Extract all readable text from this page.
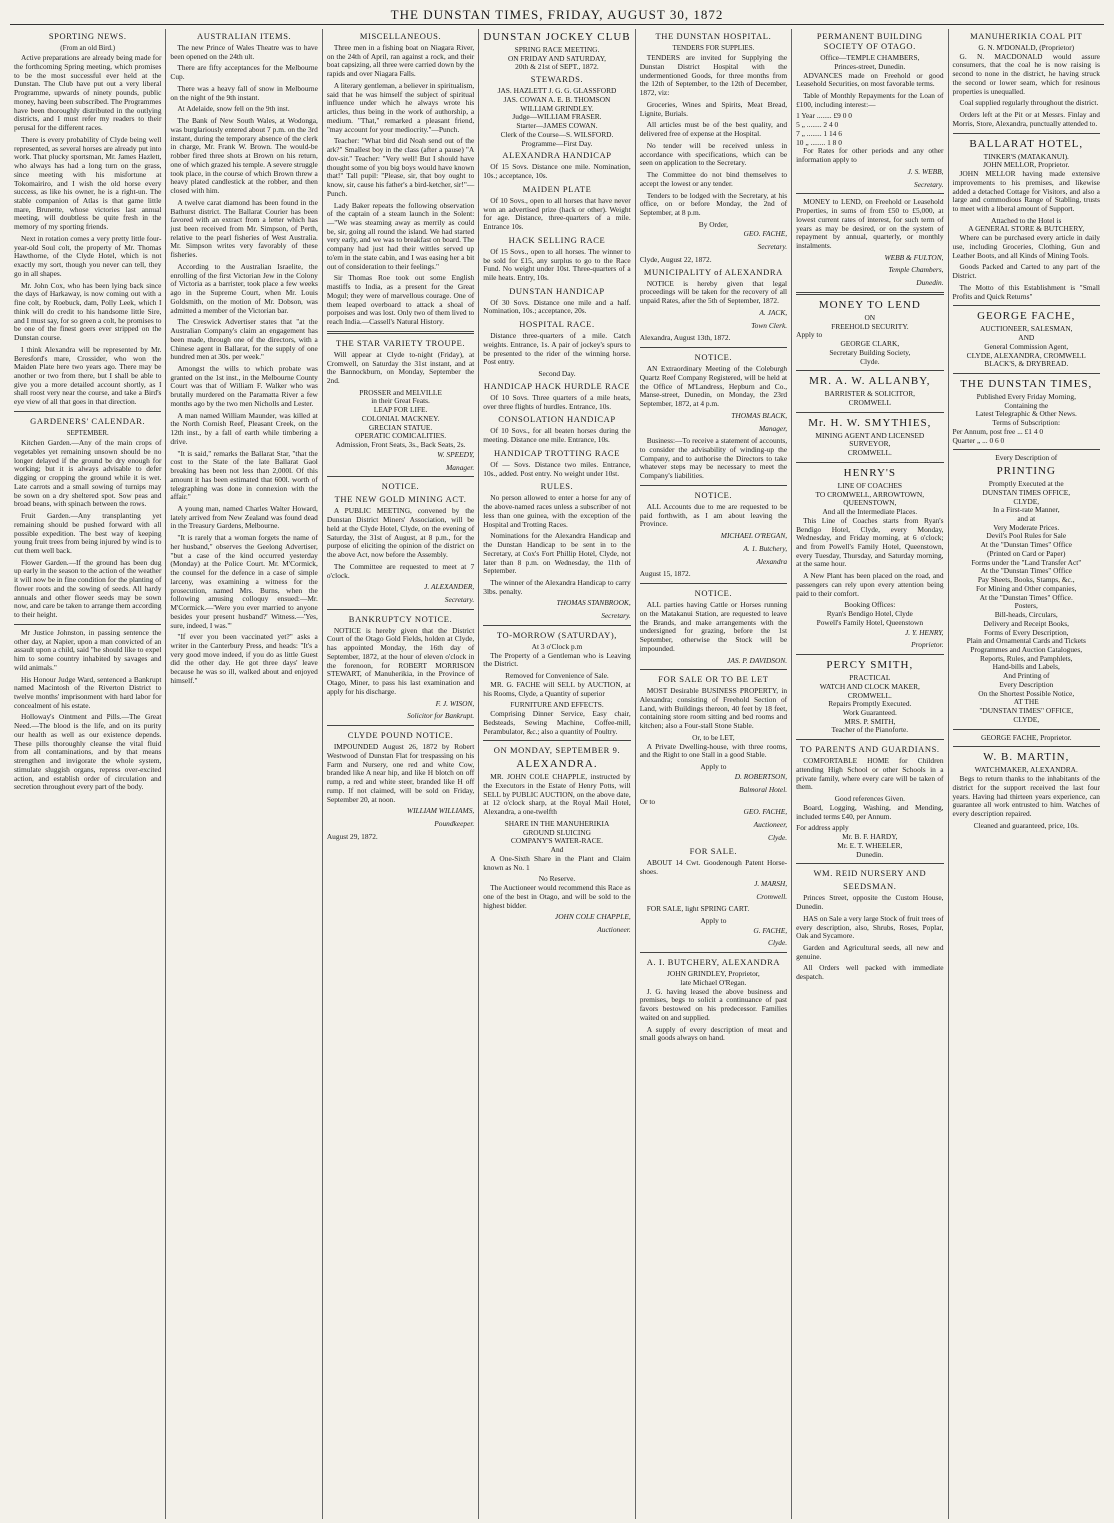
THE DUNSTAN TIMES, FRIDAY, AUGUST 30, 1872
SPORTING NEWS.
(From an old Bird.)

Active preparations are already being made for the forthcoming Spring meeting, which promises to be the most successful ever held at the Dunstan. The Club have put out a very liberal Programme, upwards of ninety pounds, public money, having been subscribed. The Programmes have been thoroughly distributed in the outlying districts, and I must refer my readers to their perusal for the different races.

There is every probability of Clyde being well represented, as several horses are already put into work. That plucky sportsman, Mr. James Hazlett, who always has had a long turn on the grass, since meeting with his misfortune at Tokomairiro, and I wish the old horse every success, as like his owner, he is a right-un. The stable companion of Atlas is that game little mare, Brunette, whose victories last annual meeting, will doubtless be quite fresh in the memory of my sporting friends.

Next in rotation comes a very pretty little four-year-old Soul colt, the property of Mr. Thomas Hawthorne, of the Clyde Hotel, which is not exactly my sort, though you never can tell, they go in all shapes.

Mr. John Cox, who has been lying back since the days of Harkaway, is now coming out with a fine colt, by Roebuck, dam, Polly Leek, which I think will do credit to his handsome little Sire, and I must say, for so green a colt, he promises to be one of the finest goers ever stripped on the Dunstan course.

I think Alexandra will be represented by Mr. Beresford's mare, Crossider, who won the Maiden Plate here two years ago. There may be another or two from there, but I shall be able to give you a more detailed account shortly, as I shall roost very near the course, and take a Bird's eye view of all that goes in that direction.

GARDENERS' CALENDAR.
SEPTEMBER.

Kitchen Garden.—Any of the main crops of vegetables yet remaining unsown should be no longer delayed if the ground be dry enough for working; but it is always advisable to defer digging or cropping the ground while it is wet. Late carrots and a small sowing of turnips may be sown on a dry sheltered spot. Sow peas and broad beans, with spinach between the rows.

Fruit Garden.—Any transplanting yet remaining should be pushed forward with all possible expedition. The best way of keeping young fruit trees from being injured by wind is to cut them well back.

Flower Garden.—If the ground has been dug up early in the season to the action of the weather it will now be in fine condition for the planting of flower roots and the sowing of seeds. All hardy annuals and other flower seeds may be sown now, and care be taken to arrange them according to their height.

Mr Justice Johnston, in passing sentence the other day, at Napier, upon a man convicted of an assault upon a child, said "he should like to expel him to some country inhabited by savages and wild animals."

His Honour Judge Ward, sentenced a Bankrupt named Macintosh of the Riverton District to twelve months' imprisonment with hard labor for concealment of his estate.

Holloway's Ointment and Pills.—The Great Need.—The blood is the life, and on its purity our health as well as our existence depends. These pills thoroughly cleanse the vital fluid from all contaminations, and by that means strengthen and invigorate the whole system, stimulate sluggish organs, repress over-excited action, and establish order of circulation and secretion throughout every part of the body.

AUSTRALIAN ITEMS.

The new Prince of Wales Theatre was to have been opened on the 24th ult.

There are fifty acceptances for the Melbourne Cup.

There was a heavy fall of snow in Melbourne on the night of the 9th instant.

At Adelaide, snow fell on the 9th inst.

The Bank of New South Wales, at Wodonga, was burglariously entered about 7 p.m. on the 3rd instant, during the temporary absence of the clerk in charge, Mr. Frank W. Brown. The would-be robber fired three shots at Brown on his return, one of which grazed his temple. A severe struggle took place, in the course of which Brown threw a heavy plated candlestick at the robber, and then closed with him.

A twelve carat diamond has been found in the Bathurst district. The Ballarat Courier has been favored with an extract from a letter which has just been received from Mr. Simpson, of Perth, relative to the pearl fisheries of West Australia. Mr. Simpson writes very favorably of these fisheries.

According to the Australian Israelite, the enrolling of the first Victorian Jew in the Colony of Victoria as a barrister, took place a few weeks ago in the Supreme Court, when Mr. Louis Goldsmith, on the motion of Mr. Dobson, was admitted a member of the Victorian bar.

The Creswick Advertiser states that "at the Australian Company's claim an engagement has been made, through one of the directors, with a Chinese agent in Ballarat, for the supply of one hundred men at 30s. per week."

Amongst the wills to which probate was granted on the 1st inst., in the Melbourne County Court was that of William F. Walker who was brutally murdered on the Paramatta River a few months ago by the two men Nicholls and Lester.

A man named William Maunder, was killed at the North Cornish Reef, Pleasant Creek, on the 12th inst., by a fall of earth while timbering a drive.

"It is said," remarks the Ballarat Star, "that the cost to the State of the late Ballarat Gaol breaking has been not less than 2,000l. Of this amount it has been estimated that 600l. worth of telegraphing was done in connexion with the affair."

A young man, named Charles Walter Howard, lately arrived from New Zealand was found dead in the Treasury Gardens, Melbourne.

"It is rarely that a woman forgets the name of her husband," observes the Geelong Advertiser, "but a case of the kind occurred yesterday (Monday) at the Police Court. Mr. M'Cormick, the counsel for the defence in a case of simple larceny, was examining a witness for the prosecution, named Mrs. Burns, when the following amusing colloquy ensued:—Mr. M'Cormick.—'Were you ever married to anyone besides your present husband?' Witness.—'Yes, sure, indeed, I was.'"

"If ever you been vaccinated yet?" asks a writer in the Canterbury Press, and heads: "It's a very good move indeed, if you do as little Guest did the other day. He got three days' leave because he was so ill, walked about and enjoyed himself."

MISCELLANEOUS.

Three men in a fishing boat on Niagara River, on the 24th of April, ran against a rock, and their boat capsizing, all three were carried down by the rapids and over Niagara Falls.

A literary gentleman, a believer in spiritualism, said that he was himself the subject of spiritual influence under which he always wrote his articles, thus being in the work of authorship, a medium. "That," remarked a pleasant friend, "may account for your mediocrity."—Punch.

Teacher: "What bird did Noah send out of the ark?" Smallest boy in the class (after a pause) "A dov-sir." Teacher: "Very well! But I should have thought some of you big boys would have known that!" Tall pupil: "Please, sir, that boy ought to know, sir, cause his father's a bird-ketcher, sir!"—Punch.

Lady Baker repeats the following observation of the captain of a steam launch in the Solent:—"We was steaming away as merrily as could be, sir, going all round the island. We had started very early, and we was to breakfast on board. The company had just had their wittles served up to'em in the state cabin, and I was easing her a bit out of consideration to their feelings."

Sir Thomas Roe took out some English mastiffs to India, as a present for the Great Mogul; they were of marvellous courage. One of them leaped overboard to attack a shoal of porpoises and was lost. Only two of them lived to reach India.—Cassell's Natural History.

THE STAR VARIETY TROUPE.

Will appear at Clyde to-night (Friday), at Cromwell, on Saturday the 31st instant, and at the Bannockburn, on Monday, September the 2nd.

PROSSER and MELVILLE
in their Great Feats.
LEAP FOR LIFE.
COLONIAL MACKNEY.
GRECIAN STATUE.
OPERATIC COMICALITIES.
Admission, Front Seats, 3s., Back Seats, 2s.
W. SPEEDY,
Manager.
NOTICE.
THE NEW GOLD MINING ACT.

A PUBLIC MEETING, convened by the Dunstan District Miners' Association, will be held at the Clyde Hotel, Clyde, on the evening of Saturday, the 31st of August, at 8 p.m., for the purpose of eliciting the opinion of the district on the above Act, now before the Assembly.

The Committee are requested to meet at 7 o'clock.

J. ALEXANDER,
Secretary.
BANKRUPTCY NOTICE.

NOTICE is hereby given that the District Court of the Otago Gold Fields, holden at Clyde, has appointed Monday, the 16th day of September, 1872, at the hour of eleven o'clock in the forenoon, for ROBERT MORRISON STEWART, of Manuherikia, in the Province of Otago, Miner, to pass his last examination and apply for his discharge.

F. J. WISON,
Solicitor for Bankrupt.
CLYDE POUND NOTICE.

IMPOUNDED August 26, 1872 by Robert Westwood of Dunstan Flat for trespassing on his Farm and Nursery, one red and white Cow, branded like A near hip, and like H blotch on off rump, a red and white steer, branded like H off rump. If not claimed, will be sold on Friday, September 20, at noon.

WILLIAM WILLIAMS,
Poundkeeper.
August 29, 1872.
DUNSTAN JOCKEY CLUB
SPRING RACE MEETING.
ON FRIDAY AND SATURDAY,
20th & 21st of SEPT., 1872.
STEWARDS.
JAS. HAZLETT J. G. G. GLASSFORD
JAS. COWAN A. E. B. THOMSON
WILLIAM GRINDLEY.
Judge—WILLIAM FRASER.
Starter—JAMES COWAN.
Clerk of the Course—S. WILSFORD.
Programme—First Day.
ALEXANDRA HANDICAP

Of 15 Sovs. Distance one mile. Nomination, 10s.; acceptance, 10s.

MAIDEN PLATE

Of 10 Sovs., open to all horses that have never won an advertised prize (hack or other). Weight for age. Distance, three-quarters of a mile. Entrance 10s.

HACK SELLING RACE

Of 15 Sovs., open to all horses. The winner to be sold for £15, any surplus to go to the Race Fund. No weight under 10st. Three-quarters of a mile heats. Entry, 10s.

DUNSTAN HANDICAP

Of 30 Sovs. Distance one mile and a half. Nomination, 10s.; acceptance, 20s.

HOSPITAL RACE.

Distance three-quarters of a mile. Catch weights. Entrance, 1s. A pair of jockey's spurs to be presented to the rider of the winning horse. Post entry.

Second Day.
HANDICAP HACK HURDLE RACE

Of 10 Sovs. Three quarters of a mile heats, over three flights of hurdles. Entrance, 10s.

CONSOLATION HANDICAP

Of 10 Sovs., for all beaten horses during the meeting. Distance one mile. Entrance, 10s.

HANDICAP TROTTING RACE

Of — Sovs. Distance two miles. Entrance, 10s., added. Post entry. No weight under 10st.

RULES.

No person allowed to enter a horse for any of the above-named races unless a subscriber of not less than one guinea, with the exception of the Hospital and Trotting Races.

Nominations for the Alexandra Handicap and the Dunstan Handicap to be sent in to the Secretary, at Cox's Fort Phillip Hotel, Clyde, not later than 8 p.m. on Wednesday, the 11th of September.

The winner of the Alexandra Handicap to carry 3lbs. penalty.

THOMAS STANBROOK,
Secretary.
TO-MORROW (SATURDAY),
At 3 o'Clock p.m

The Property of a Gentleman who is Leaving the District.

Removed for Convenience of Sale.

MR. G. FACHE will SELL by AUCTION, at his Rooms, Clyde, a Quantity of superior

FURNITURE AND EFFECTS.

Comprising Dinner Service, Easy chair, Bedsteads, Sewing Machine, Coffee-mill, Perambulator, &c.; also a quantity of Poultry.

ON MONDAY, SEPTEMBER 9.
ALEXANDRA.

MR. JOHN COLE CHAPPLE, instructed by the Executors in the Estate of Henry Potts, will SELL by PUBLIC AUCTION, on the above date, at 12 o'clock sharp, at the Royal Mail Hotel, Alexandra, a one-twelfth

SHARE IN THE MANUHERIKIA
GROUND SLUICING
COMPANY'S WATER-RACE.
And

A One-Sixth Share in the Plant and Claim known as No. 1

No Reserve.

The Auctioneer would recommend this Race as one of the best in Otago, and will be sold to the highest bidder.

JOHN COLE CHAPPLE,
Auctioneer.
THE DUNSTAN HOSPITAL.
TENDERS FOR SUPPLIES.

TENDERS are invited for Supplying the Dunstan District Hospital with the undermentioned Goods, for three months from the 12th of September, to the 12th of December, 1872, viz:

Groceries, Wines and Spirits, Meat Bread, Lignite, Burials.

All articles must be of the best quality, and delivered free of expense at the Hospital.

No tender will be received unless in accordance with specifications, which can be seen on application to the Secretary.

The Committee do not bind themselves to accept the lowest or any tender.

Tenders to be lodged with the Secretary, at his office, on or before Monday, the 2nd of September, at 8 p.m.

By Order,
GEO. FACHE,
Secretary.
Clyde, August 22, 1872.
MUNICIPALITY of ALEXANDRA

NOTICE is hereby given that legal proceedings will be taken for the recovery of all unpaid Rates, after the 5th of September, 1872.

A. JACK,
Town Clerk.
Alexandra, August 13th, 1872.
NOTICE.

AN Extraordinary Meeting of the Coleburgh Quartz Reef Company Registered, will be held at the Office of M'Landress, Hepburn and Co., Manse-street, Dunedin, on Monday, the 23rd September, 1872, at 4 p.m.

THOMAS BLACK,
Manager,

Business:—To receive a statement of accounts, to consider the advisability of winding-up the Company, and to authorise the Directors to take whatever steps may be necessary to meet the Company's liabilities.

NOTICE.

ALL Accounts due to me are requested to be paid forthwith, as I am about leaving the Province.

MICHAEL O'REGAN,
A. 1. Butchery,
Alexandra
August 15, 1872.
NOTICE.

ALL parties having Cattle or Horses running on the Matakanui Station, are requested to leave the Brands, and make arrangements with the undersigned for grazing, before the 1st September, otherwise the Stock will be impounded.

JAS. P. DAVIDSON.
FOR SALE OR TO BE LET

MOST Desirable BUSINESS PROPERTY, in Alexandra; consisting of Freehold Section of Land, with Buildings thereon, 40 feet by 18 feet, containing store room sitting and bed rooms and kitchen; also a Four-stall Stone Stable.

Or, to be LET,

A Private Dwelling-house, with three rooms, and the Right to one Stall in a good Stable.

Apply to
D. ROBERTSON,
Balmoral Hotel.
Or to
GEO. FACHE,
Auctioneer,
Clyde.
FOR SALE.

ABOUT 14 Cwt. Goodenough Patent Horse-shoes.

J. MARSH,
Cromwell.

FOR SALE, light SPRING CART.

Apply to
G. FACHE,
Clyde.
A. I. BUTCHERY, ALEXANDRA
JOHN GRINDLEY, Proprietor,
late Michael O'Regan.

J. G. having leased the above business and premises, begs to solicit a continuance of past favors bestowed on his predecessor. Families waited on and supplied.

A supply of every description of meat and small goods always on hand.

PERMANENT BUILDING SOCIETY OF OTAGO.
Office—TEMPLE CHAMBERS,
Princes-street, Dunedin.

ADVANCES made on Freehold or good Leasehold Securities, on most favorable terms.

Table of Monthly Repayments for the Loan of £100, including interest:—

1 Year ........ £9 0 0
5 „ ........ 2 4 0
7 „ ........ 1 14 6
10 „ ........ 1 8 0

For Rates for other periods and any other information apply to

J. S. WEBB,
Secretary.

MONEY to LEND, on Freehold or Leasehold Properties, in sums of from £50 to £5,000, at lowest current rates of interest, for such term of years as may be desired, or on the system of repayment by annual, quarterly, or monthly instalments.

WEBB & FULTON,
Temple Chambers,
Dunedin.
MONEY TO LEND
ON
FREEHOLD SECURITY.
Apply to
GEORGE CLARK,
Secretary Building Society,
Clyde.
MR. A. W. ALLANBY,
BARRISTER & SOLICITOR,
CROMWELL
Mr. H. W. SMYTHIES,
MINING AGENT AND LICENSED
SURVEYOR,
CROMWELL.
HENRY'S
LINE OF COACHES
TO CROMWELL, ARROWTOWN,
QUEENSTOWN,
And all the Intermediate Places.

This Line of Coaches starts from Ryan's Bendigo Hotel, Clyde, every Monday, Wednesday, and Friday morning, at 6 o'clock; and from Powell's Family Hotel, Queenstown, every Tuesday, Thursday, and Saturday morning, at the same hour.

A New Plant has been placed on the road, and passengers can rely upon every attention being paid to their comfort.

Booking Offices:
Ryan's Bendigo Hotel, Clyde
Powell's Family Hotel, Queenstown
J. Y. HENRY,
Proprietor.
PERCY SMITH,
PRACTICAL
WATCH AND CLOCK MAKER,
CROMWELL.
Repairs Promptly Executed.
Work Guaranteed.
MRS. P. SMITH,
Teacher of the Pianoforte.
TO PARENTS AND GUARDIANS.

COMFORTABLE HOME for Children attending High School or other Schools in a private family, where every care will be taken of them.

Good references Given.

Board, Logging, Washing, and Mending, included terms £40, per Annum.

For address apply
Mr. B. F. HARDY,
Mr. E. T. WHEELER,
Dunedin.
WM. REID NURSERY AND
SEEDSMAN.

Princes Street, opposite the Custom House, Dunedin.

HAS on Sale a very large Stock of fruit trees of every description, also, Shrubs, Roses, Poplar, Oak and Sycamore.

Garden and Agricultural seeds, all new and genuine.

All Orders well packed with immediate despatch.

MANUHERIKIA COAL PIT
G. N. M'DONALD, (Proprietor)

G. N. MACDONALD would assure consumers, that the coal he is now raising is second to none in the district, he having struck the second or lower seam, which for resinous properties is unequalled.

Coal supplied regularly throughout the district.

Orders left at the Pit or at Messrs. Finlay and Morris, Store, Alexandra, punctually attended to.

BALLARAT HOTEL,
TINKER'S (MATAKANUI).
JOHN MELLOR, Proprietor.

JOHN MELLOR having made extensive improvements to his premises, and likewise added a detached Cottage for Visitors, and also a large and commodious Range of Stabling, trusts to meet with a liberal amount of Support.

Attached to the Hotel is
A GENERAL STORE & BUTCHERY,

Where can be purchased every article in daily use, including Groceries, Clothing, Gun and Leather Boots, and all Kinds of Mining Tools.

Goods Packed and Carted to any part of the District.

The Motto of this Establishment is "Small Profits and Quick Returns"

GEORGE FACHE,
AUCTIONEER, SALESMAN,
AND
General Commission Agent,
CLYDE, ALEXANDRA, CROMWELL
BLACK'S, & DRYBREAD.
THE DUNSTAN TIMES,
Published Every Friday Morning,
Containing the
Latest Telegraphic & Other News.
Terms of Subscription:
Per Annum, post free ... £1 4 0
Quarter „ ... 0 6 0
Every Description of
PRINTING
Promptly Executed at the
DUNSTAN TIMES OFFICE,
CLYDE,
In a First-rate Manner,
and at
Very Moderate Prices.
Devil's Pool Rules for Sale
At the "Dunstan Times" Office
(Printed on Card or Paper)
Forms under the "Land Transfer Act"
At the "Dunstan Times" Office
Pay Sheets, Books, Stamps, &c.,
For Mining and Other companies,
At the "Dunstan Times" Office.
Posters,
Bill-heads, Circulars,
Delivery and Receipt Books,
Forms of Every Description,
Plain and Ornamental Cards and Tickets
Programmes and Auction Catalogues,
Reports, Rules, and Pamphlets,
Hand-bills and Labels,
And Printing of
Every Description
On the Shortest Possible Notice,
AT THE
"DUNSTAN TIMES" OFFICE,
CLYDE,
GEORGE FACHE, Proprietor.
W. B. MARTIN,
WATCHMAKER, ALEXANDRA.

Begs to return thanks to the inhabitants of the district for the support received the last four years. Having had thirteen years experience, can guarantee all work entrusted to him. Watches of every description repaired.

Cleaned and guaranteed, price, 10s.
